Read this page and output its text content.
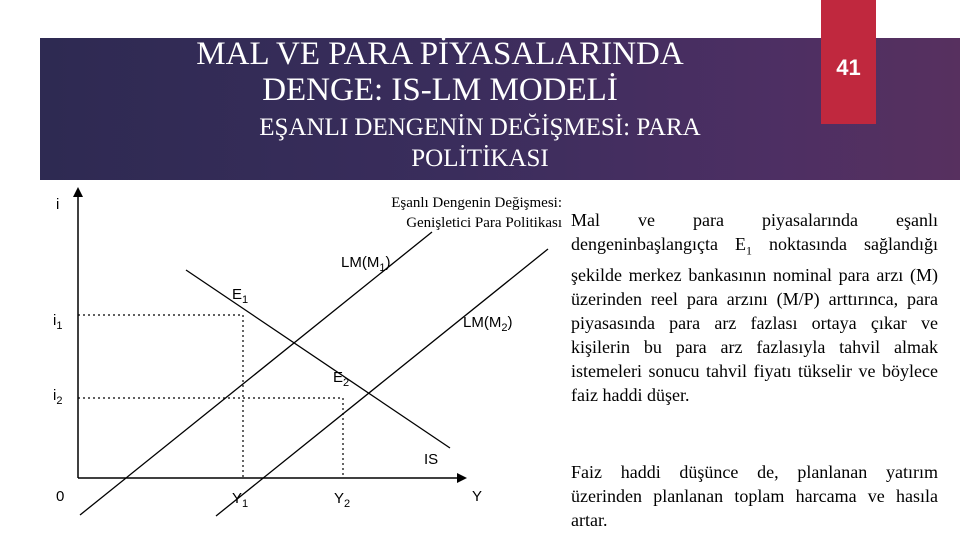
MAL VE PARA PİYASALARINDA DENGE: IS-LM MODELİ
EŞANLI DENGENİN DEĞİŞMESİ: PARA POLİTİKASI
41
Eşanlı Dengenin Değişmesi:
Genişletici Para Politikası
i
Y
0
$i_1$
$i_2$
$Y_1$	$Y_2$
$E_1$
$E_2$
$LM(M_1)$
$LM(M_2)$
IS

Mal ve para piyasalarında eşanlı dengeninbaşlangıçta $E_1$ noktasında sağlandığı şekilde merkez bankasının nominal para arzı (M) üzerinden reel para arzını (M/P) arttırınca, para piyasasında para arz fazlası ortaya çıkar ve kişilerin bu para arz fazlasıyla tahvil almak istemeleri sonucu tahvil fiyatı tükselir ve böylece faiz haddi düşer.

Faiz haddi düşünce de, planlanan yatırım üzerinden planlanan toplam harcama ve hasıla artar.
